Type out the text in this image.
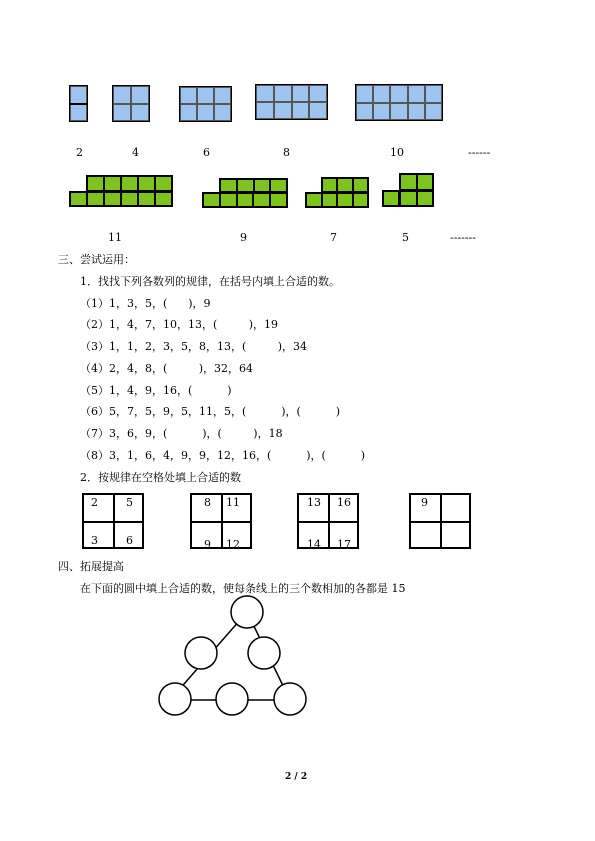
2	4	6	8	10	------
11	9	7	5	-------
三、尝试运用：
1．找找下列各数列的规律，在括号内填上合适的数。
（1）1，3，5，(      )，9
（2）1，4，7，10，13，(         )，19
（3）1，1，2，3，5，8，13，(         )，34
（4）2，4，8，(         )，32，64
（5）1，4，9，16，(          )
（6）5，7，5，9，5，11，5，(          )，(          )
（7）3，6，9，(          )，(         )，18
（8）3，1，6，4，9，9，12，16，(          )，(          )
2．按规律在空格处填上合适的数
2	5
3	6
8 11
9 12
13 16
14 17
9
四、拓展提高
在下面的圆中填上合适的数，使每条线上的三个数相加的各都是 15
2 / 2
